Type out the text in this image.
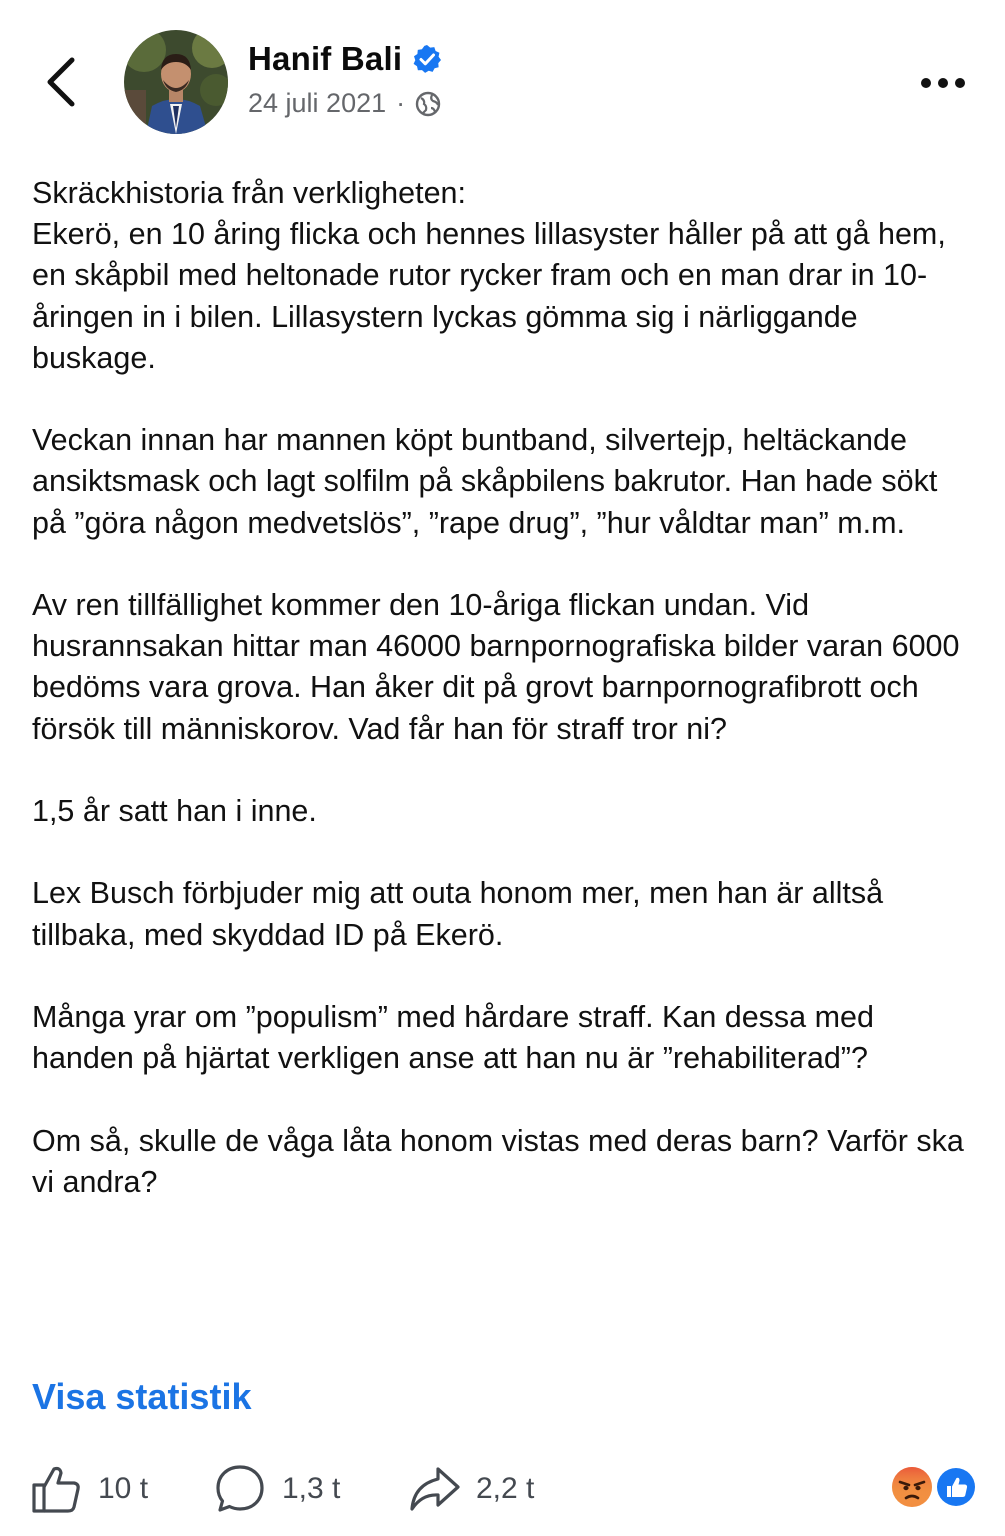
Hanif Bali
24 juli 2021 ·

Skräckhistoria från verkligheten:
Ekerö, en 10 åring flicka och hennes lillasyster håller på att gå hem, en skåpbil med heltonade rutor rycker fram och en man drar in 10-åringen in i bilen. Lillasystern lyckas gömma sig i närliggande buskage.

Veckan innan har mannen köpt buntband, silvertejp, heltäckande ansiktsmask och lagt solfilm på skåpbilens bakrutor. Han hade sökt på ”göra någon medvetslös”, ”rape drug”, ”hur våldtar man” m.m.

Av ren tillfällighet kommer den 10-åriga flickan undan. Vid husrannsakan hittar man 46000 barnpornografiska bilder varan 6000 bedöms vara grova. Han åker dit på grovt barnpornografibrott och försök till människorov. Vad får han för straff tror ni?

1,5 år satt han i inne.

Lex Busch förbjuder mig att outa honom mer, men han är alltså tillbaka, med skyddad ID på Ekerö.

Många yrar om ”populism” med hårdare straff. Kan dessa med handen på hjärtat verkligen anse att han nu är ”rehabiliterad”?

Om så, skulle de våga låta honom vistas med deras barn? Varför ska vi andra?

Visa statistik
10 t	1,3 t	2,2 t
